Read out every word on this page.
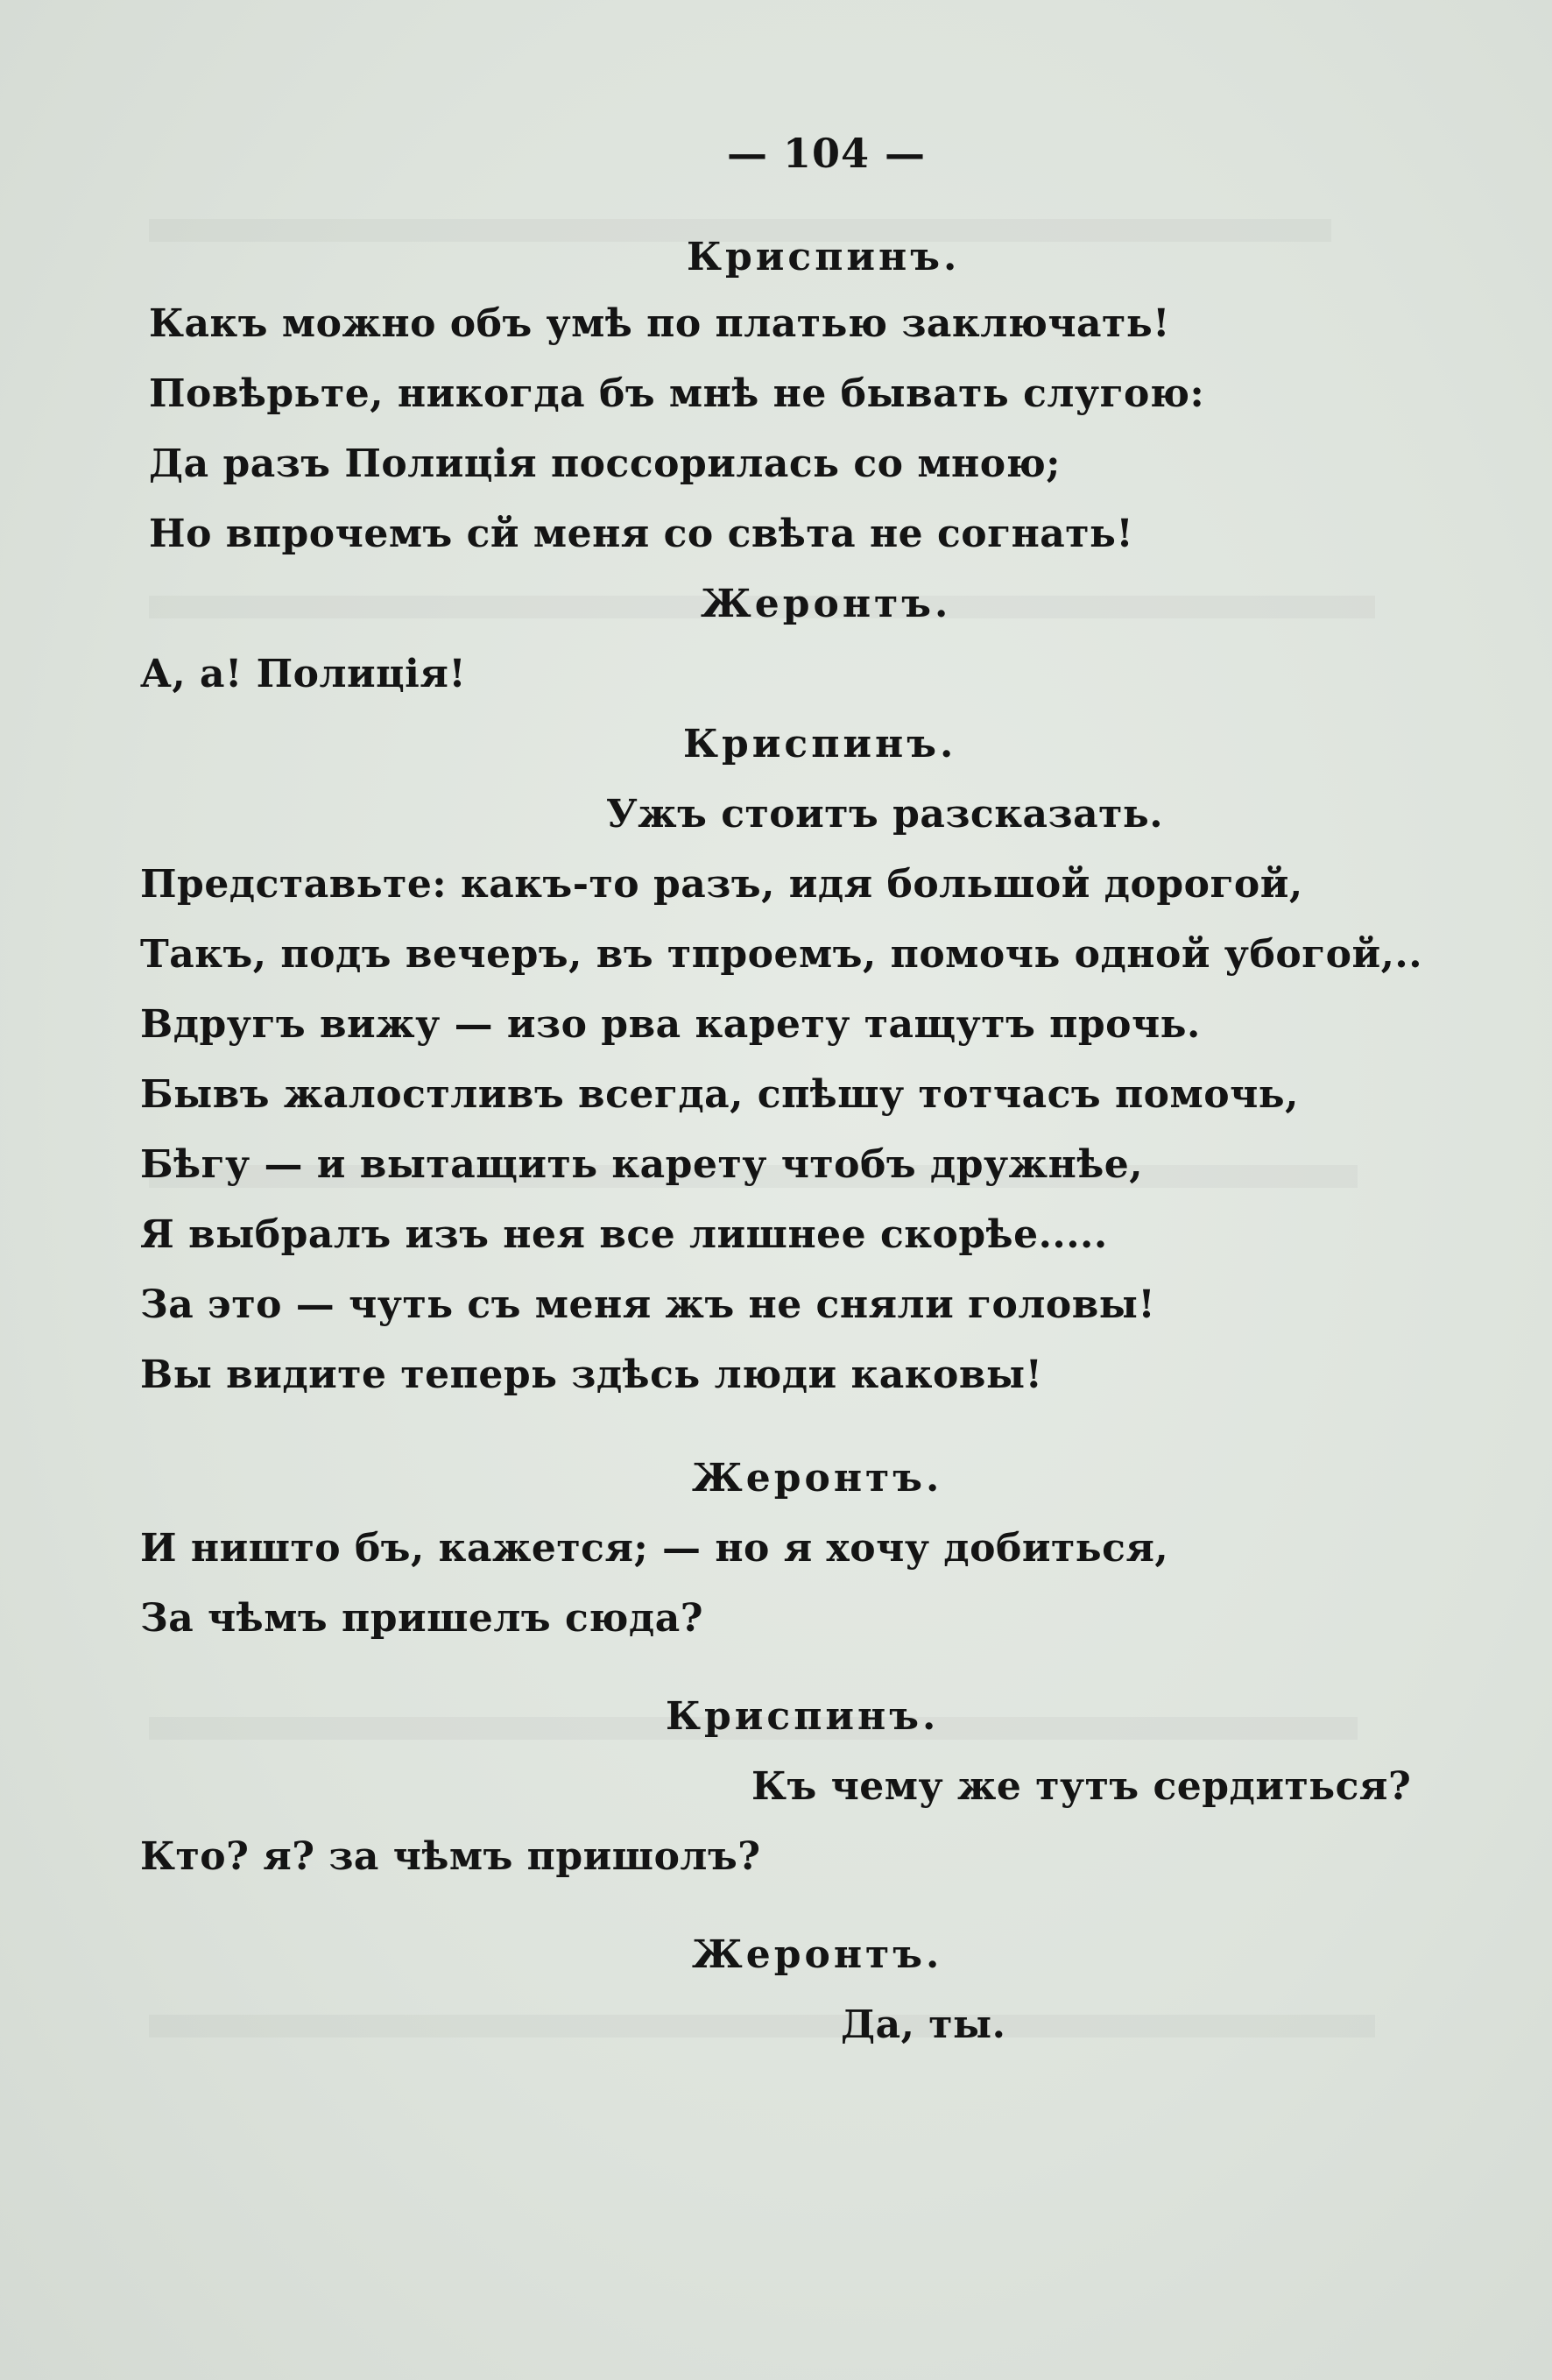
— 104 —
Криспинъ.
Какъ можно объ умѣ по платью заключать!
Повѣрьте, никогда бъ мнѣ не бывать слугою:
Да разъ Полиція поссорилась со мною;
Но впрочемъ сй меня со свѣта не согнать!
Жеронтъ.
А, а! Полиція!
Криспинъ.
Ужъ стоитъ разсказать.
Представьте: какъ-то разъ, идя большой дорогой,
Такъ, подъ вечеръ, въ тпроемъ, помочь одной убогой,..
Вдругъ вижу — изо рва карету тащутъ прочь.
Бывъ жалостливъ всегда, спѣшу тотчасъ помочь,
Бѣгу — и вытащить карету чтобъ дружнѣе,
Я выбралъ изъ нея все лишнее скорѣе.....
За это — чуть съ меня жъ не сняли головы!
Вы видите теперь здѣсь люди каковы!
Жеронтъ.
И ништо бъ, кажется; — но я хочу добиться,
За чѣмъ пришелъ сюда?
Криспинъ.
Къ чему же тутъ сердиться?
Кто? я? за чѣмъ пришолъ?
Жеронтъ.
Да, ты.
